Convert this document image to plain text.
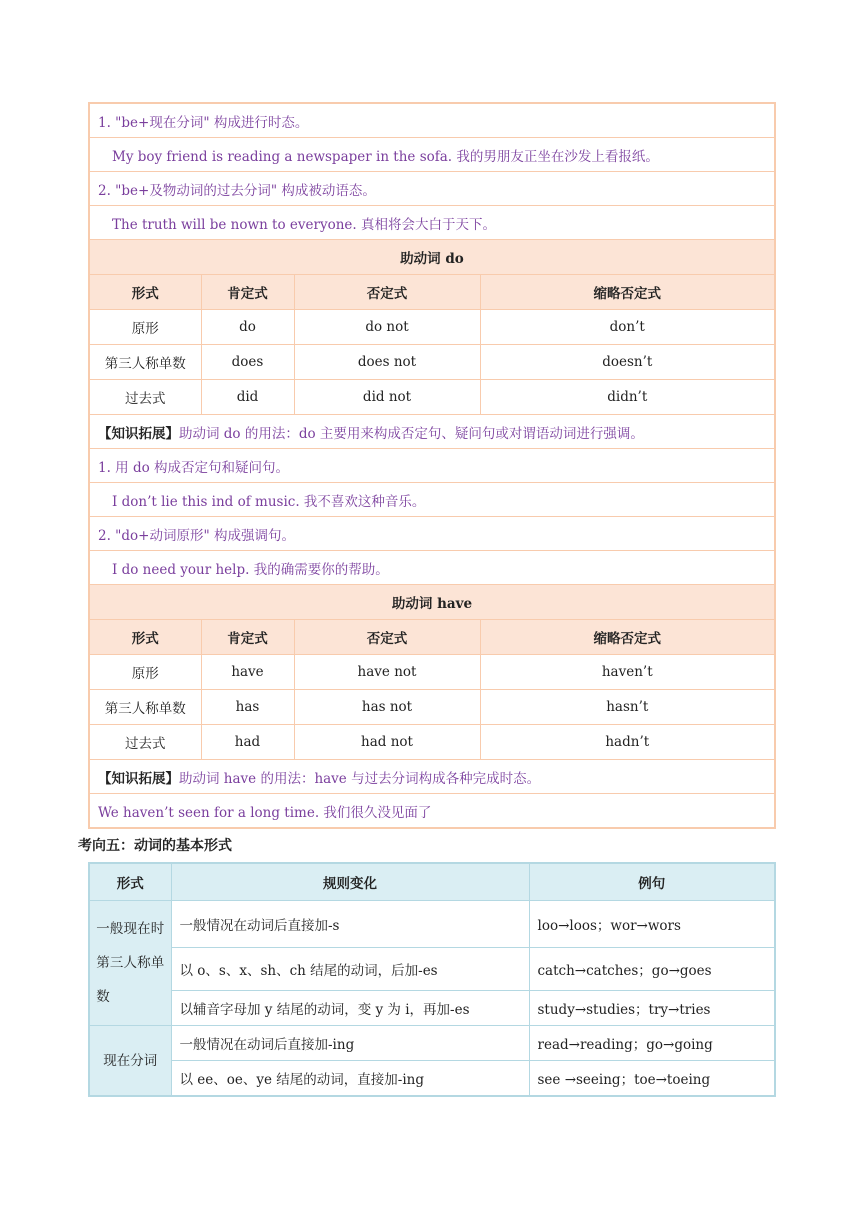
1. "be+现在分词" 构成进行时态。			
My boy friend is reading a newspaper in the sofa. 我的男朋友正坐在沙发上看报纸。			
2. "be+及物动词的过去分词" 构成被动语态。			
The truth will be nown to everyone. 真相将会大白于天下。			
助动词 do			
形式	肯定式	否定式	缩略否定式
原形	do	do not	don’t
第三人称单数	does	does not	doesn’t
过去式	did	did not	didn’t
【知识拓展】助动词 do 的用法：do 主要用来构成否定句、疑问句或对谓语动词进行强调。			
1. 用 do 构成否定句和疑问句。			
I don’t lie this ind of music. 我不喜欢这种音乐。			
2. "do+动词原形" 构成强调句。			
I do need your help. 我的确需要你的帮助。			
助动词 have			
形式	肯定式	否定式	缩略否定式
原形	have	have not	haven’t
第三人称单数	has	has not	hasn’t
过去式	had	had not	hadn’t
【知识拓展】助动词 have 的用法：have 与过去分词构成各种完成时态。			
We haven’t seen for a long time. 我们很久没见面了			
考向五：动词的基本形式
形式	规则变化	例句
一般现在时第三人称单数	一般情况在动词后直接加-s	loo→loos；wor→wors
	以 o、s、x、sh、ch 结尾的动词，后加-es	catch→catches；go→goes
	以辅音字母加 y 结尾的动词，变 y 为 i，再加-es	study→studies；try→tries
现在分词	一般情况在动词后直接加-ing	read→reading；go→going
	以 ee、oe、ye 结尾的动词，直接加-ing	see →seeing；toe→toeing
